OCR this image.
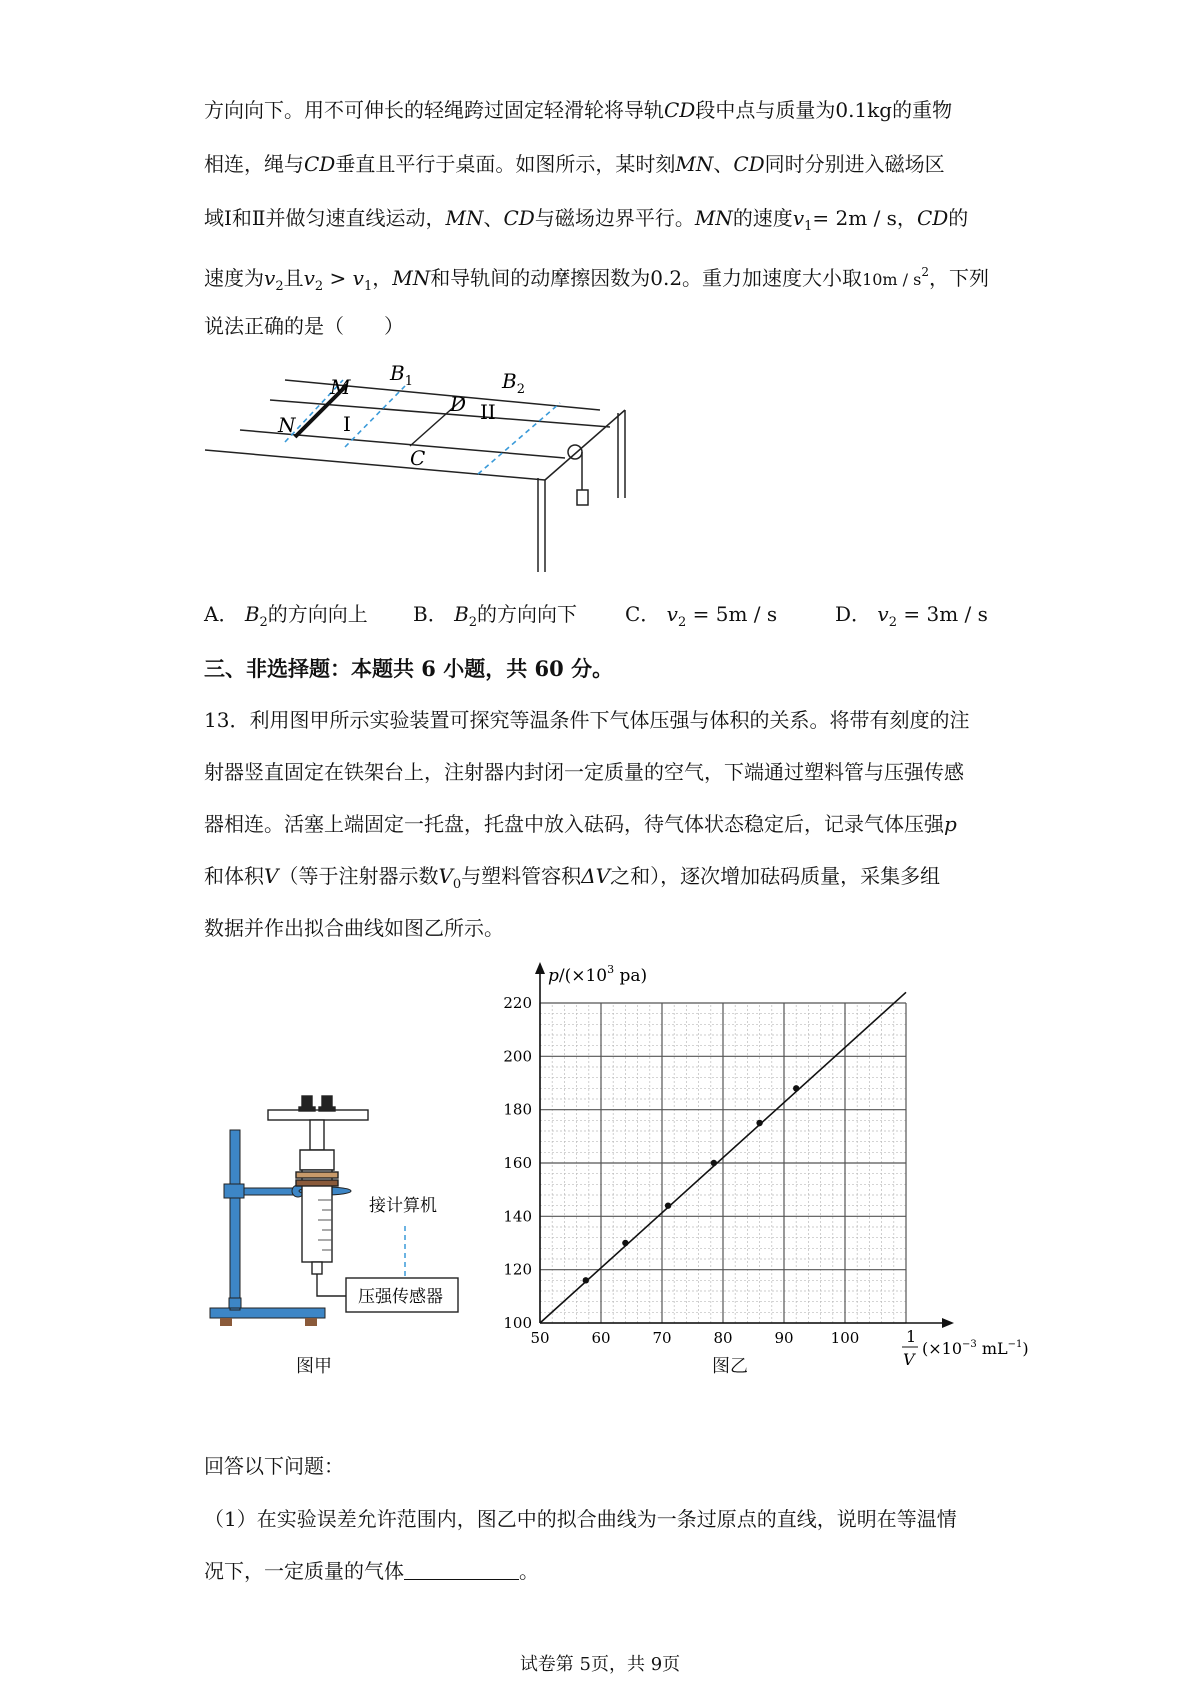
方向向下。用不可伸长的轻绳跨过固定轻滑轮将导轨CD段中点与质量为0.1kg的重物
相连，绳与CD垂直且平行于桌面。如图所示，某时刻MN、CD同时分别进入磁场区
域Ⅰ和Ⅱ并做匀速直线运动，MN、CD与磁场边界平行。MN的速度$v_1= 2m / s$，CD的
速度为$v_2$且$v_2 > v_1$，MN和导轨间的动摩擦因数为0.2。重力加速度大小取$10m / s^2$，下列
说法正确的是（　　）
M
N
D
C
$B_1$	$B_2$
I	II
A． $B_2$的方向向上 B． $B_2$的方向向下 C． $v_2 = 5m / s$	D． $v_2 = 3m / s$
三、非选择题：本题共 6 小题，共 60 分。
13．利用图甲所示实验装置可探究等温条件下气体压强与体积的关系。将带有刻度的注
射器竖直固定在铁架台上，注射器内封闭一定质量的空气，下端通过塑料管与压强传感
器相连。活塞上端固定一托盘，托盘中放入砝码，待气体状态稳定后，记录气体压强p
和体积V（等于注射器示数$V_0$与塑料管容积ΔV之和），逐次增加砝码质量，采集多组
数据并作出拟合曲线如图乙所示。
接计算机
压强传感器
图甲
50	60	70	80	90 100
100
120
140
160
180
200
220
$p/(\times 10^3$ pa)
1
V
($\times 10^{-3}$ $mL^{-1}$)
图乙
回答以下问题：
（1）在实验误差允许范围内，图乙中的拟合曲线为一条过原点的直线，说明在等温情
况下，一定质量的气体	。
试卷第 5页，共 9页
